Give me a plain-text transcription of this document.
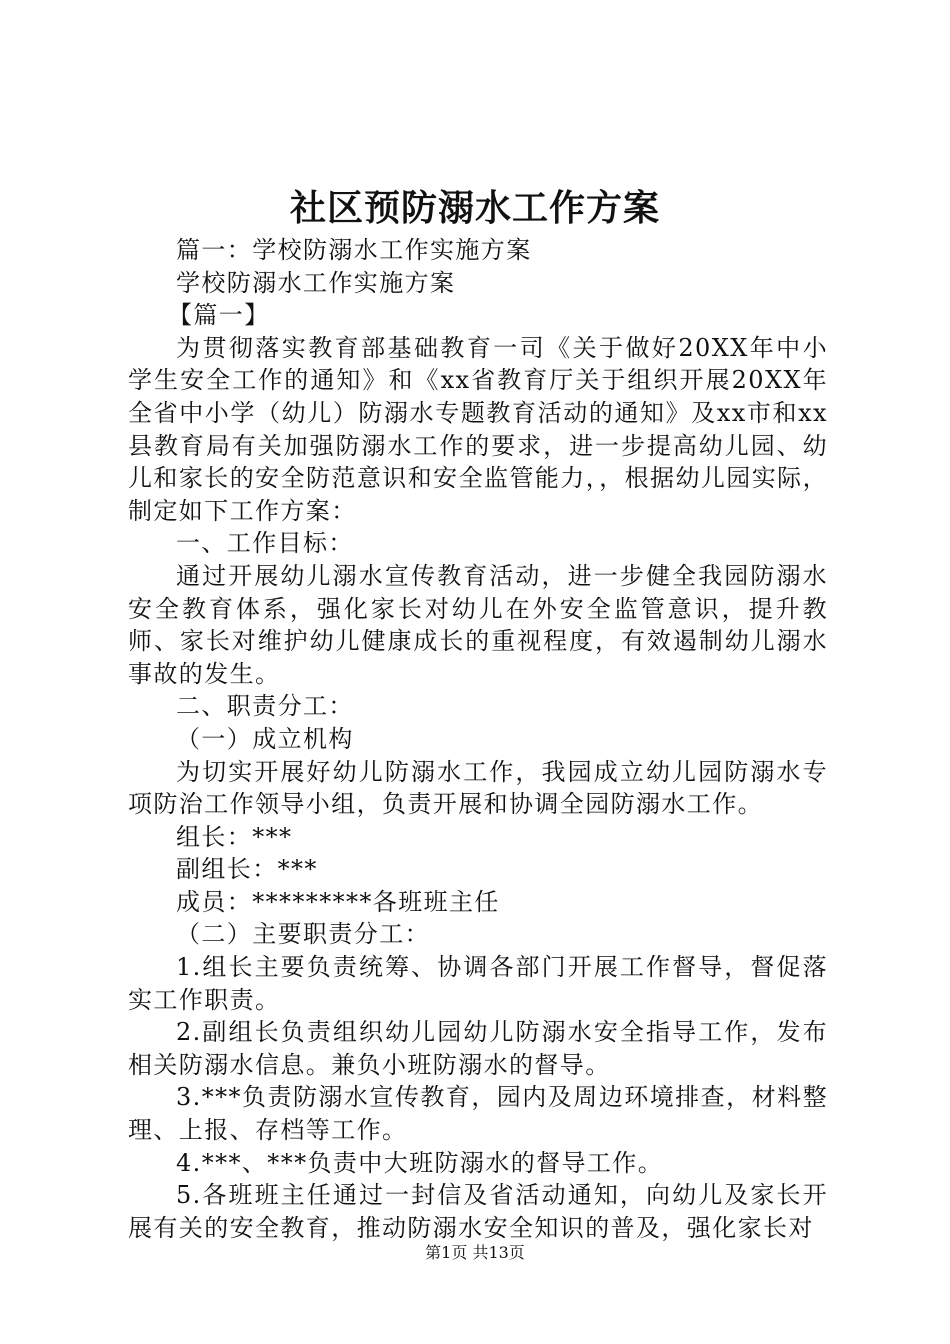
社区预防溺水工作方案

篇一：学校防溺水工作实施方案

学校防溺水工作实施方案

【篇一】

为贯彻落实教育部基础教育一司《关于做好20XX年中小学生安全工作的通知》和《xx省教育厅关于组织开展20XX年全省中小学（幼儿）防溺水专题教育活动的通知》及xx市和xx县教育局有关加强防溺水工作的要求，进一步提高幼儿园、幼儿和家长的安全防范意识和安全监管能力，，根据幼儿园实际，制定如下工作方案：

一、工作目标：

通过开展幼儿溺水宣传教育活动，进一步健全我园防溺水安全教育体系，强化家长对幼儿在外安全监管意识，提升教师、家长对维护幼儿健康成长的重视程度，有效遏制幼儿溺水事故的发生。

二、职责分工：

（一）成立机构

为切实开展好幼儿防溺水工作，我园成立幼儿园防溺水专项防治工作领导小组，负责开展和协调全园防溺水工作。

组长：***

副组长：***

成员：*********各班班主任

（二）主要职责分工：

1.组长主要负责统筹、协调各部门开展工作督导，督促落实工作职责。

2.副组长负责组织幼儿园幼儿防溺水安全指导工作，发布相关防溺水信息。兼负小班防溺水的督导。

3.***负责防溺水宣传教育，园内及周边环境排查，材料整理、上报、存档等工作。

4.***、***负责中大班防溺水的督导工作。

5.各班班主任通过一封信及省活动通知，向幼儿及家长开展有关的安全教育，推动防溺水安全知识的普及，强化家长对

第1页 共13页
